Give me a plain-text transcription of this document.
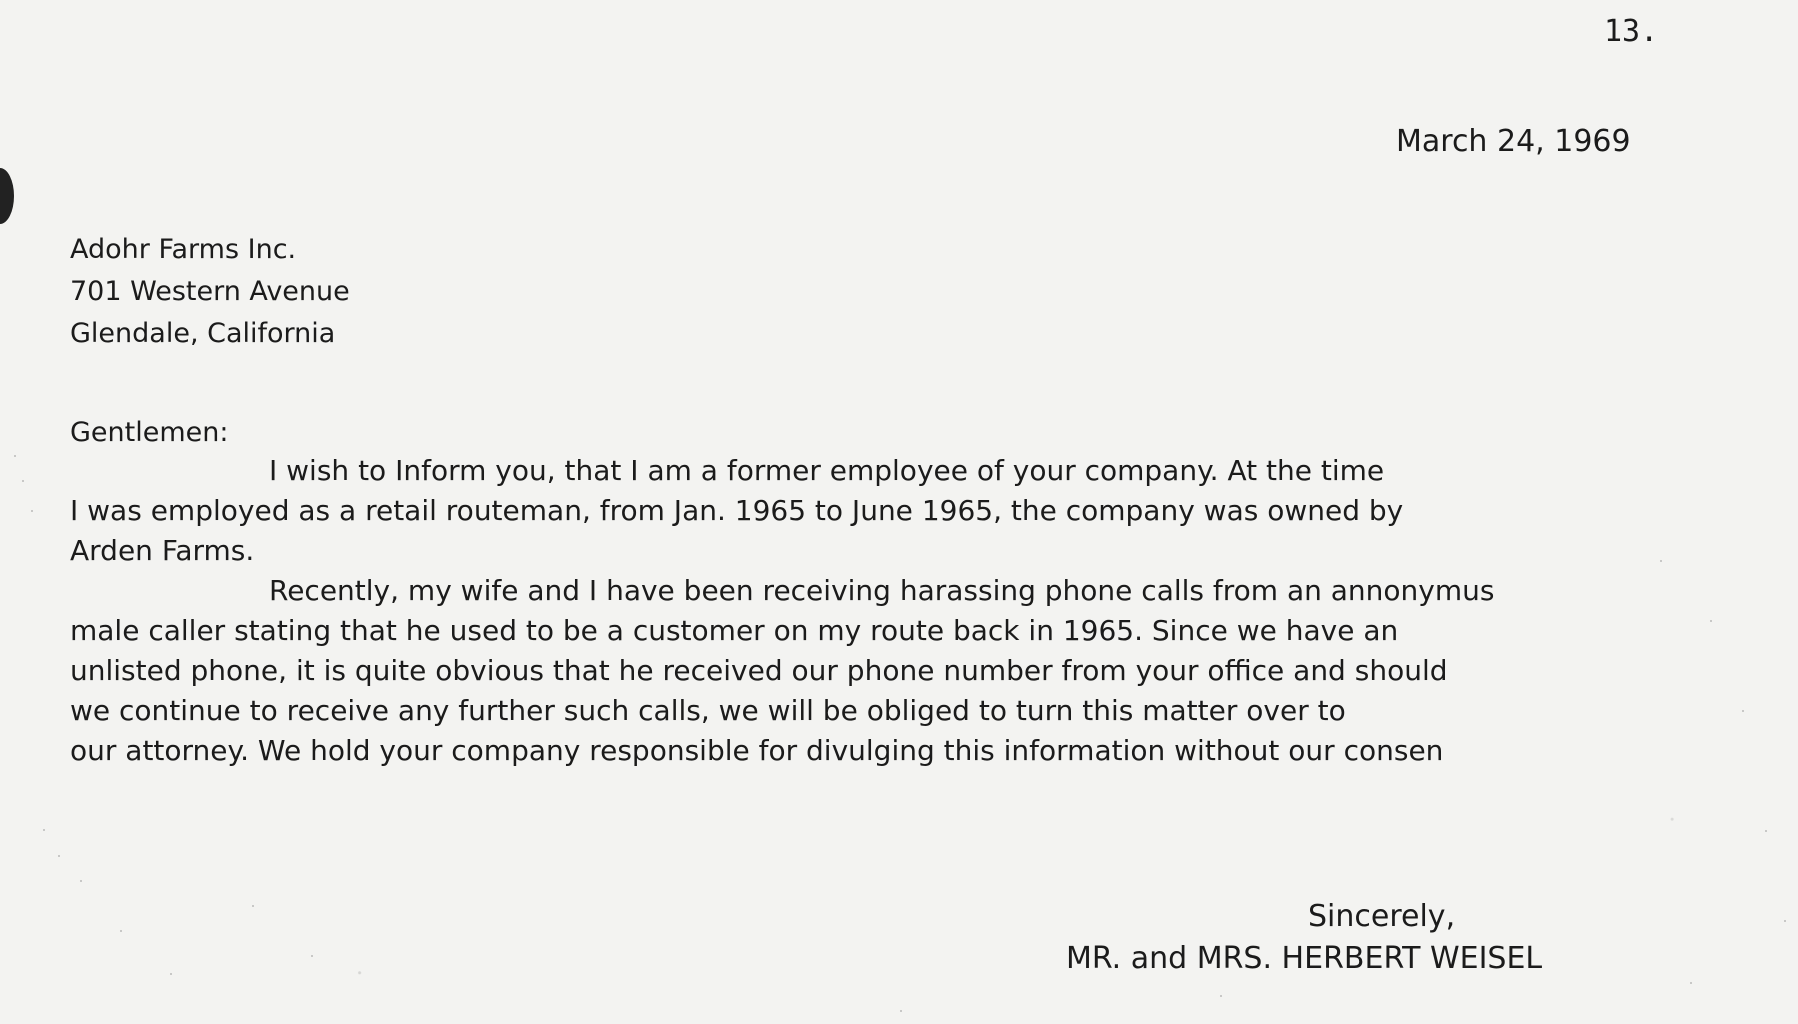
13.
March 24, 1969
Adohr Farms Inc.
701 Western Avenue
Glendale, California
Gentlemen:
I wish to Inform you, that I am a former employee of your company. At the time
I was employed as a retail routeman, from Jan. 1965 to June 1965, the company was owned by
Arden Farms.
Recently, my wife and I have been receiving harassing phone calls from an annonymus
male caller stating that he used to be a customer on my route back in 1965. Since we have an
unlisted phone, it is quite obvious that he received our phone number from your office and should
we continue to receive any further such calls, we will be obliged to turn this matter over to
our attorney. We hold your company responsible for divulging this information without our consen
Sincerely,
MR. and MRS. HERBERT WEISEL
